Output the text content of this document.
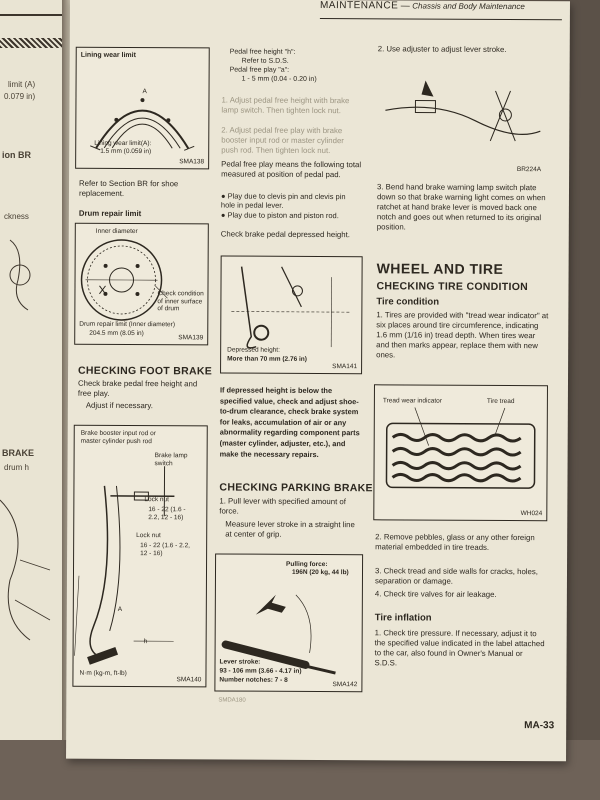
limit (A)
0.079 in)
ion BR
ckness
BRAKE
drum h
MAINTENANCE — Chassis and Body Maintenance
Lining wear limit
A
Lining wear limit(A):
1.5 mm (0.059 in)
SMA138
Refer to Section BR for shoe replacement.
Drum repair limit
Inner diameter
Check condition of inner surface of drum
Drum repair limit (Inner diameter)
204.5 mm (8.05 in)
SMA139
CHECKING FOOT BRAKE
Check brake pedal free height and free play.
Adjust if necessary.
Brake booster input rod or master cylinder push rod
Brake lamp switch
Lock nut
16 - 22 (1.6 - 2.2, 12 - 16)
Lock nut
16 - 22 (1.6 - 2.2, 12 - 16)
h
A
N·m (kg-m, ft-lb)
SMA140
Pedal free height "h":
Refer to S.D.S.
Pedal free play "a":
1 - 5 mm (0.04 - 0.20 in)
1. Adjust pedal free height with brake lamp switch. Then tighten lock nut.
2. Adjust pedal free play with brake booster input rod or master cylinder push rod. Then tighten lock nut.
Pedal free play means the following total measured at position of pedal pad.
● Play due to clevis pin and clevis pin hole in pedal lever.
● Play due to piston and piston rod.
Check brake pedal depressed height.
Depressed height:
More than 70 mm (2.76 in)
SMA141
If depressed height is below the specified value, check and adjust shoe-to-drum clearance, check brake system for leaks, accumulation of air or any abnormality regarding component parts (master cylinder, adjuster, etc.), and make the necessary repairs.
CHECKING PARKING BRAKE
1. Pull lever with specified amount of force.
Measure lever stroke in a straight line at center of grip.
Pulling force:
196N (20 kg, 44 lb)
Lever stroke:
93 - 106 mm (3.66 - 4.17 in)
Number notches: 7 - 8
SMA142
SMDA180
2. Use adjuster to adjust lever stroke.
BR224A
3. Bend hand brake warning lamp switch plate down so that brake warning light comes on when ratchet at hand brake lever is moved back one notch and goes out when returned to its original position.
WHEEL AND TIRE
CHECKING TIRE CONDITION
Tire condition
1. Tires are provided with "tread wear indicator" at six places around tire circumference, indicating 1.6 mm (1/16 in) tread depth. When tires wear and then marks appear, replace them with new ones.
Tread wear indicator	Tire tread
WH024
2. Remove pebbles, glass or any other foreign material embedded in tire treads.
3. Check tread and side walls for cracks, holes, separation or damage.
4. Check tire valves for air leakage.
Tire inflation
1. Check tire pressure. If necessary, adjust it to the specified value indicated in the label attached to the car, also found in Owner's Manual or S.D.S.
MA-33
